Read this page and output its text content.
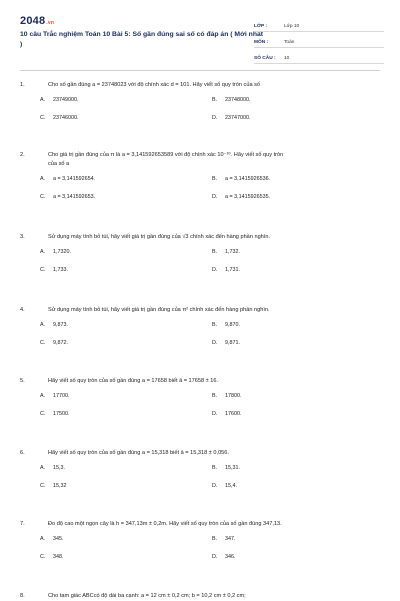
2048.vn
10 câu Trắc nghiệm Toán 10 Bài 5: Số gần đúng sai số có đáp án ( Mới nhất )
LỚP :	Lớp 10
MÔN :	Toán
SỐ CÂU :	10
1.	Cho số gần đúng a = 23748023 với độ chính xác d = 101. Hãy viết số quy tròn của số
A.	23749000.	B.	23748000.
C.	23746000.	D.	23747000.
2.	Cho giá trị gần đúng của π là a = 3,141592653589 với độ chính xác 10⁻¹⁰. Hãy viết số quy tròn
của số a
A.	a = 3,141592654.	B.	a = 3,1415926536.
C.	a = 3,141592653.	D.	a = 3,1415926535.
3.	Sử dụng máy tính bỏ túi, hãy viết giá trị gần đúng của √3 chính xác đến hàng phần nghìn.
A.	1,7320.	B.	1,732.
C.	1,733.	D.	1,731.
4.	Sử dụng máy tính bỏ túi, hãy viết giá trị gần đúng của π² chính xác đến hàng phần nghìn.
A.	9,873.	B.	9,870.
C.	9,872.	D.	9,871.
5.	Hãy viết số quy tròn của số gần đúng a = 17658 biết ā = 17658 ± 16.
A.	17700.	B.	17800.
C.	17500.	D.	17600.
6.	Hãy viết số quy tròn của số gần đúng a = 15,318 biết ā = 15,318 ± 0,056.
A.	15,3.	B.	15,31.
C.	15,32	D.	15,4.
7.	Đo độ cao một ngọn cây là h = 347,13m ± 0,2m. Hãy viết số quy tròn của số gần đúng 347,13.
A.	345.	B.	347.
C.	348.	D.	346.
8.	Cho tam giác ABCcó độ dài ba cạnh: a = 12 cm ± 0,2 cm; b = 10,2 cm ± 0,2 cm;
